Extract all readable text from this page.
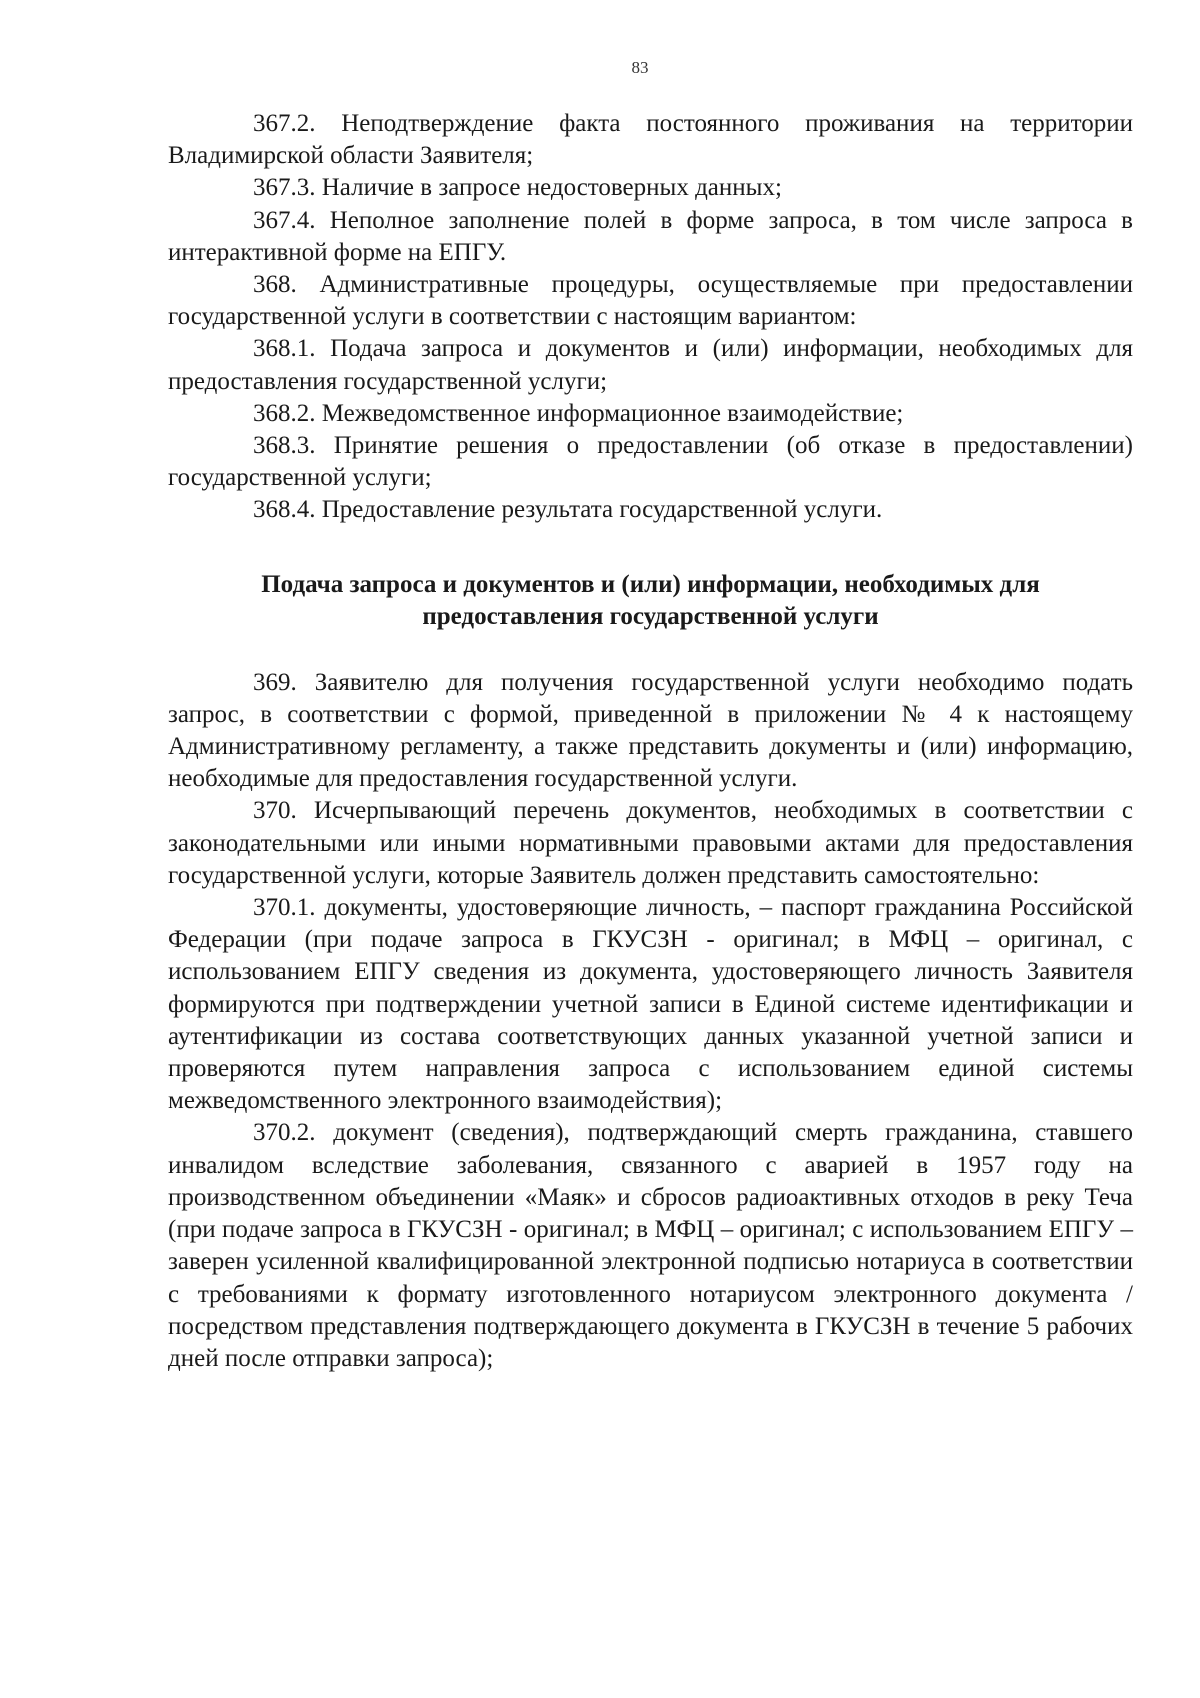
83

367.2. Неподтверждение факта постоянного проживания на территории Владимирской области Заявителя;

367.3. Наличие в запросе недостоверных данных;

367.4. Неполное заполнение полей в форме запроса, в том числе запроса в интерактивной форме на ЕПГУ.

368. Административные процедуры, осуществляемые при предоставлении государственной услуги в соответствии с настоящим вариантом:

368.1. Подача запроса и документов и (или) информации, необходимых для предоставления государственной услуги;

368.2. Межведомственное информационное взаимодействие;

368.3. Принятие решения о предоставлении (об отказе в предоставлении) государственной услуги;

368.4. Предоставление результата государственной услуги.

Подача запроса и документов и (или) информации, необходимых для
предоставления государственной услуги

369. Заявителю для получения государственной услуги необходимо подать запрос, в соответствии с формой, приведенной в приложении № 4 к настоящему Административному регламенту, а также представить документы и (или) информацию, необходимые для предоставления государственной услуги.

370. Исчерпывающий перечень документов, необходимых в соответствии с законодательными или иными нормативными правовыми актами для предоставления государственной услуги, которые Заявитель должен представить самостоятельно:

370.1. документы, удостоверяющие личность, – паспорт гражданина Российской Федерации (при подаче запроса в ГКУСЗН - оригинал; в МФЦ – оригинал, с использованием ЕПГУ сведения из документа, удостоверяющего личность Заявителя формируются при подтверждении учетной записи в Единой системе идентификации и аутентификации из состава соответствующих данных указанной учетной записи и проверяются путем направления запроса с использованием единой системы межведомственного электронного взаимодействия);

370.2. документ (сведения), подтверждающий смерть гражданина, ставшего инвалидом вследствие заболевания, связанного с аварией в 1957 году на производственном объединении «Маяк» и сбросов радиоактивных отходов в реку Теча (при подаче запроса в ГКУСЗН - оригинал; в МФЦ – оригинал; с использованием ЕПГУ – заверен усиленной квалифицированной электронной подписью нотариуса в соответствии с требованиями к формату изготовленного нотариусом электронного документа / посредством представления подтверждающего документа в ГКУСЗН в течение 5 рабочих дней после отправки запроса);
